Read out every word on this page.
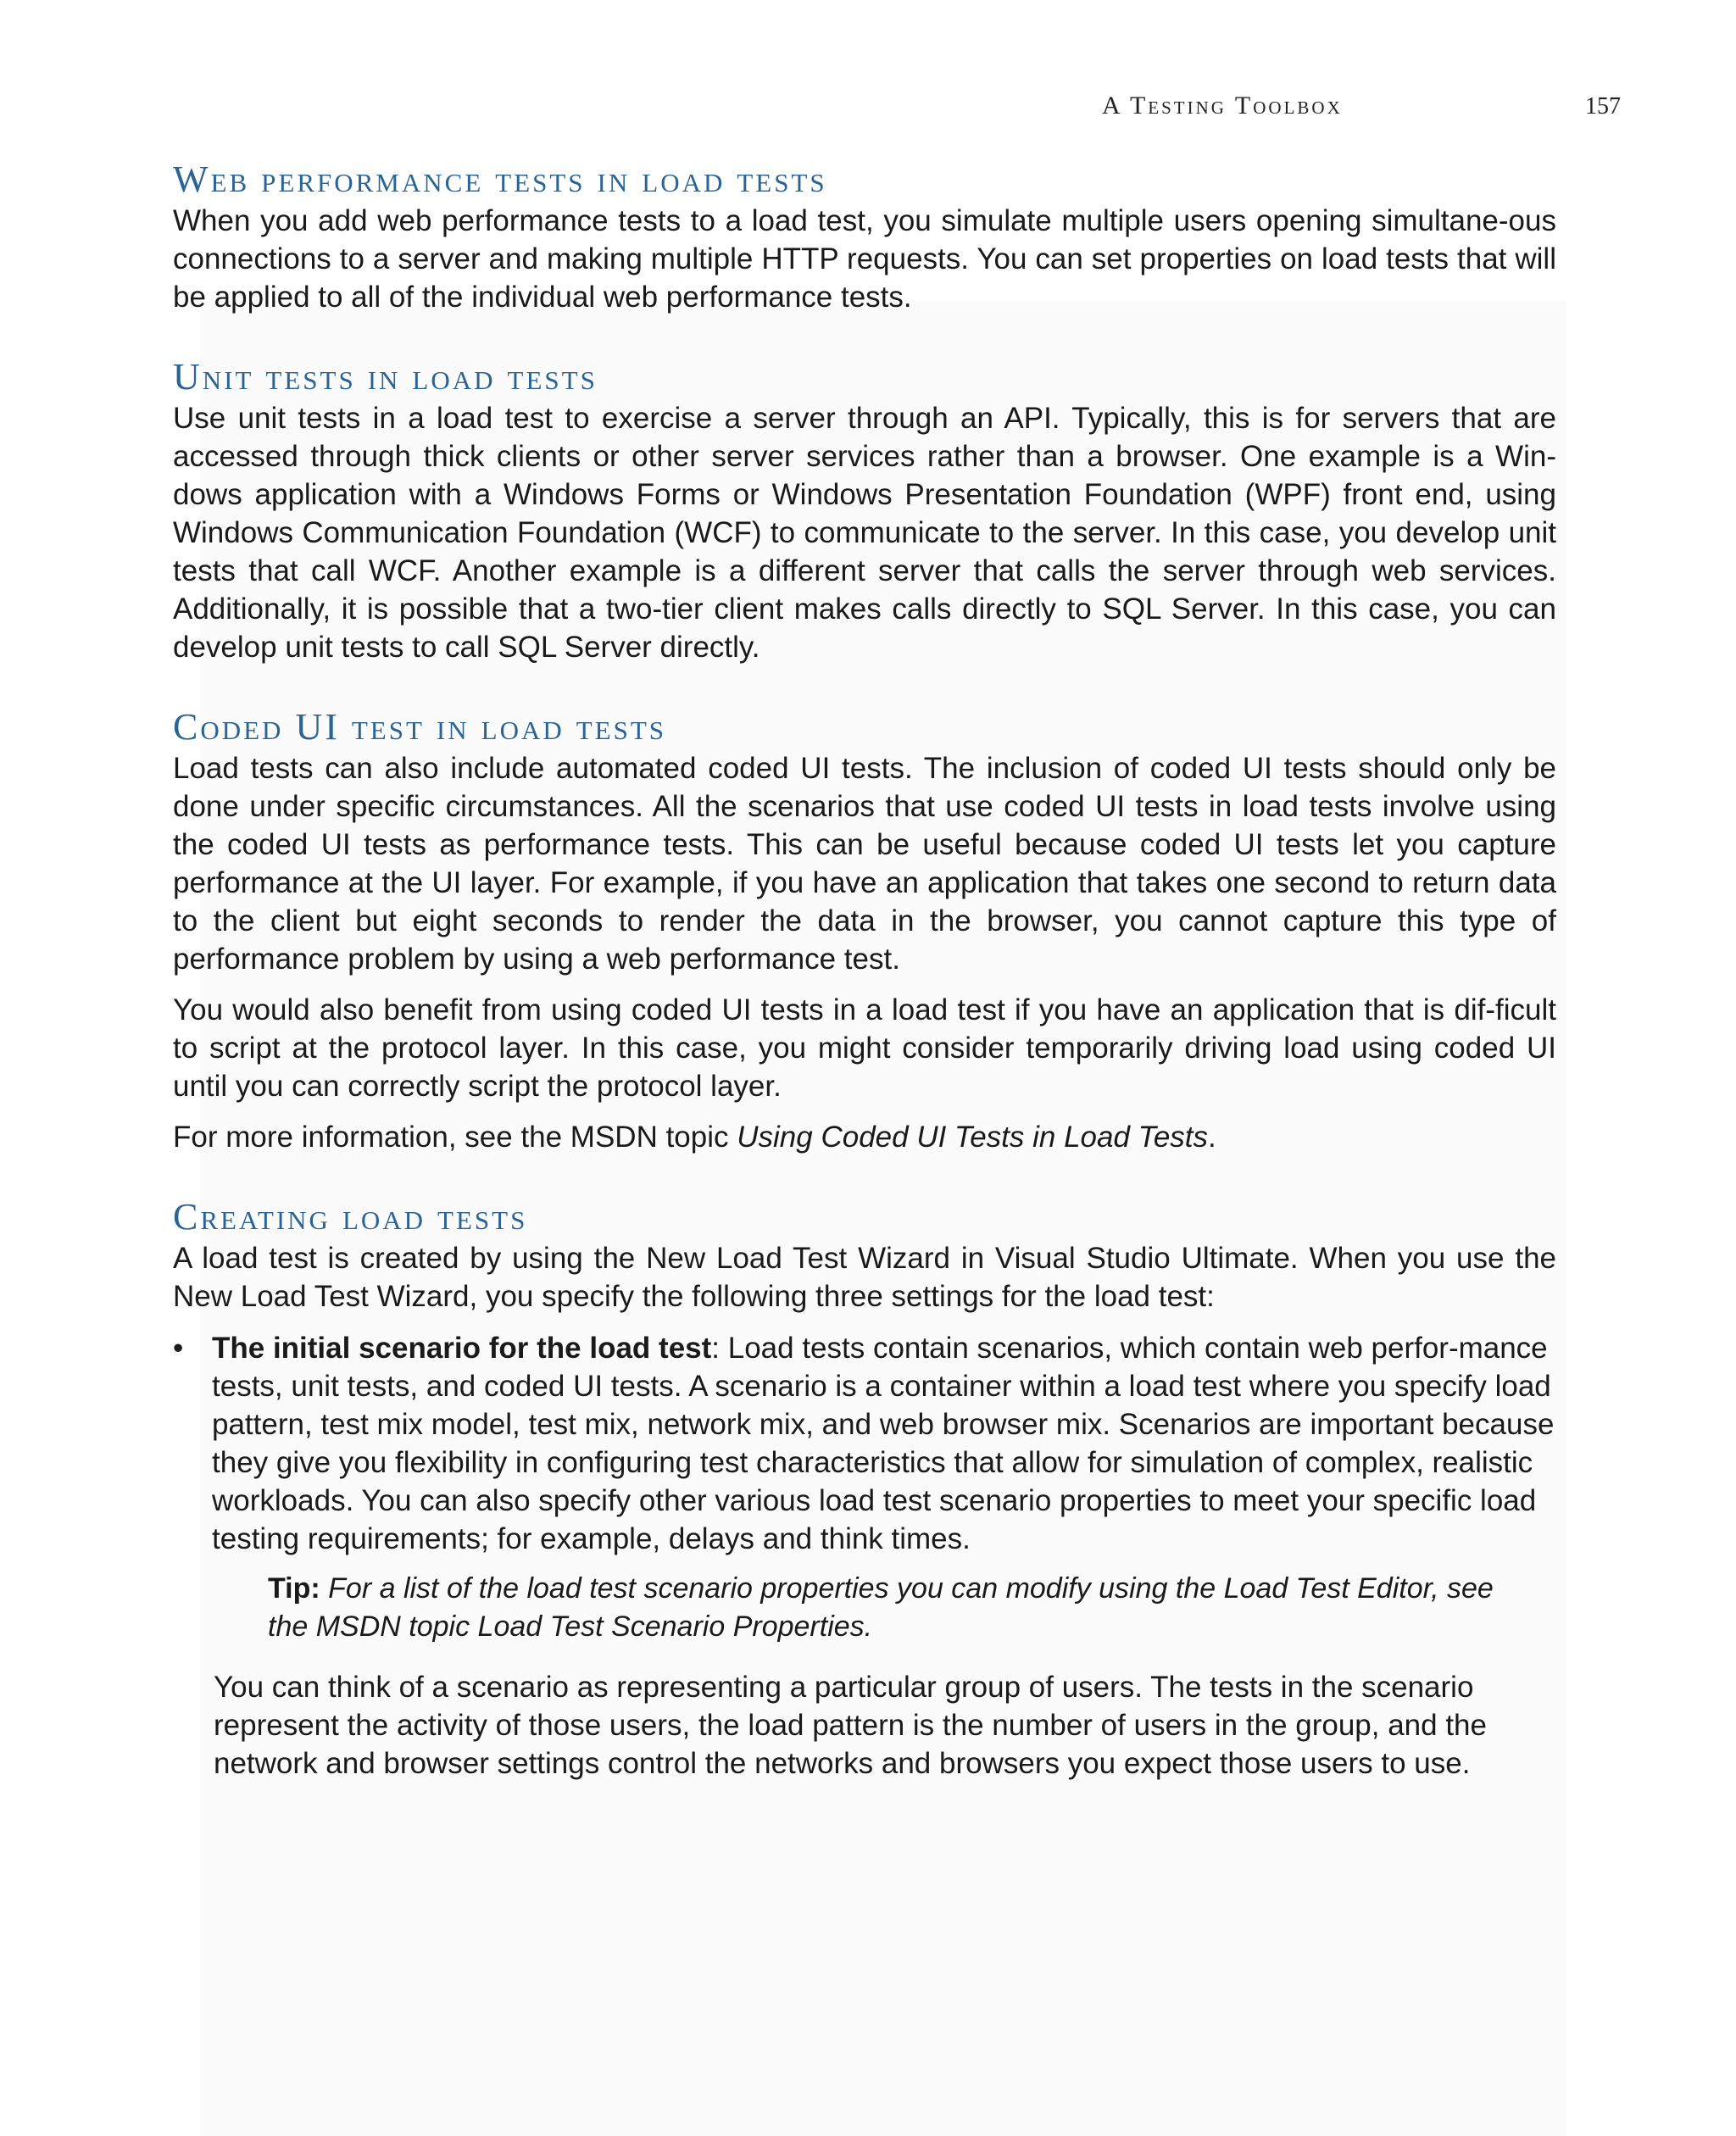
A Testing Toolbox	157
Web performance tests in load tests

When you add web performance tests to a load test, you simulate multiple users opening simultane-ous connections to a server and making multiple HTTP requests. You can set properties on load tests that will be applied to all of the individual web performance tests.

Unit tests in load tests

Use unit tests in a load test to exercise a server through an API. Typically, this is for servers that are accessed through thick clients or other server services rather than a browser. One example is a Win-dows application with a Windows Forms or Windows Presentation Foundation (WPF) front end, using Windows Communication Foundation (WCF) to communicate to the server. In this case, you develop unit tests that call WCF. Another example is a different server that calls the server through web services. Additionally, it is possible that a two-tier client makes calls directly to SQL Server. In this case, you can develop unit tests to call SQL Server directly.

Coded UI test in load tests

Load tests can also include automated coded UI tests. The inclusion of coded UI tests should only be done under specific circumstances. All the scenarios that use coded UI tests in load tests involve using the coded UI tests as performance tests. This can be useful because coded UI tests let you capture performance at the UI layer. For example, if you have an application that takes one second to return data to the client but eight seconds to render the data in the browser, you cannot capture this type of performance problem by using a web performance test.

You would also benefit from using coded UI tests in a load test if you have an application that is dif-ficult to script at the protocol layer. In this case, you might consider temporarily driving load using coded UI until you can correctly script the protocol layer.

For more information, see the MSDN topic Using Coded UI Tests in Load Tests.

Creating load tests

A load test is created by using the New Load Test Wizard in Visual Studio Ultimate. When you use the New Load Test Wizard, you specify the following three settings for the load test:

• The initial scenario for the load test: Load tests contain scenarios, which contain web perfor-mance tests, unit tests, and coded UI tests. A scenario is a container within a load test where you specify load pattern, test mix model, test mix, network mix, and web browser mix. Scenarios are important because they give you flexibility in configuring test characteristics that allow for simulation of complex, realistic workloads. You can also specify other various load test scenario properties to meet your specific load testing requirements; for example, delays and think times.

Tip: For a list of the load test scenario properties you can modify using the Load Test Editor, see the MSDN topic Load Test Scenario Properties.

You can think of a scenario as representing a particular group of users. The tests in the scenario represent the activity of those users, the load pattern is the number of users in the group, and the network and browser settings control the networks and browsers you expect those users to use.
